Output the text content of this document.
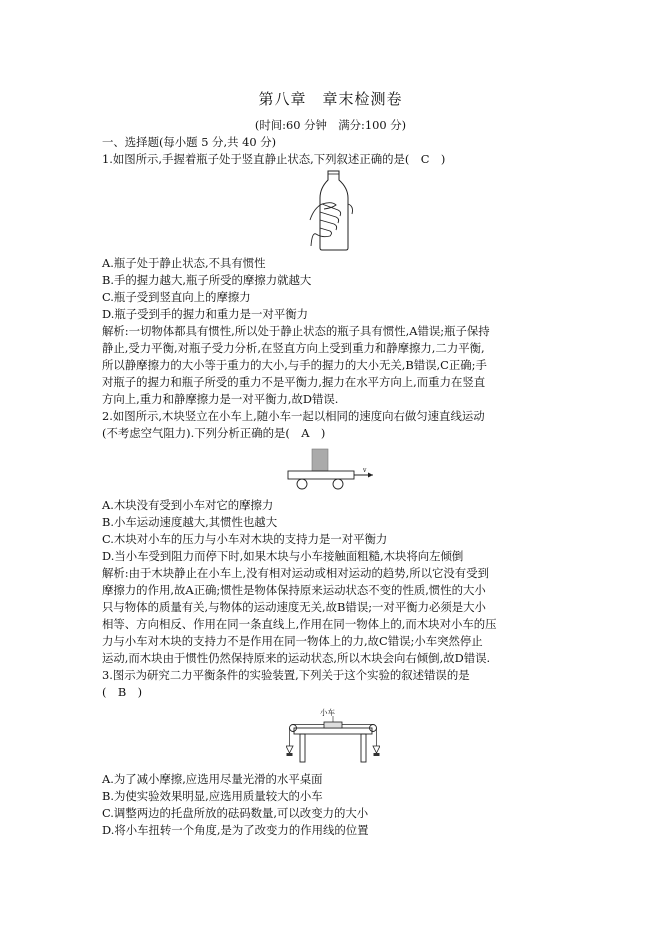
第八章　章末检测卷
(时间:60 分钟　满分:100 分)
一、选择题(每小题 5 分,共 40 分)
1.如图所示,手握着瓶子处于竖直静止状态,下列叙述正确的是(　C　)
A.瓶子处于静止状态,不具有惯性
B.手的握力越大,瓶子所受的摩擦力就越大
C.瓶子受到竖直向上的摩擦力
D.瓶子受到手的握力和重力是一对平衡力
解析:一切物体都具有惯性,所以处于静止状态的瓶子具有惯性,A错误;瓶子保持
静止,受力平衡,对瓶子受力分析,在竖直方向上受到重力和静摩擦力,二力平衡,
所以静摩擦力的大小等于重力的大小,与手的握力的大小无关,B错误,C正确;手
对瓶子的握力和瓶子所受的重力不是平衡力,握力在水平方向上,而重力在竖直
方向上,重力和静摩擦力是一对平衡力,故D错误.
2.如图所示,木块竖立在小车上,随小车一起以相同的速度向右做匀速直线运动
(不考虑空气阻力).下列分析正确的是(　A　)
v
A.木块没有受到小车对它的摩擦力
B.小车运动速度越大,其惯性也越大
C.木块对小车的压力与小车对木块的支持力是一对平衡力
D.当小车受到阻力而停下时,如果木块与小车接触面粗糙,木块将向左倾倒
解析:由于木块静止在小车上,没有相对运动或相对运动的趋势,所以它没有受到
摩擦力的作用,故A正确;惯性是物体保持原来运动状态不变的性质,惯性的大小
只与物体的质量有关,与物体的运动速度无关,故B错误;一对平衡力必须是大小
相等、方向相反、作用在同一条直线上,作用在同一物体上的,而木块对小车的压
力与小车对木块的支持力不是作用在同一物体上的力,故C错误;小车突然停止
运动,而木块由于惯性仍然保持原来的运动状态,所以木块会向右倾倒,故D错误.
3.图示为研究二力平衡条件的实验装置,下列关于这个实验的叙述错误的是
(　B　)
小车
A.为了减小摩擦,应选用尽量光滑的水平桌面
B.为使实验效果明显,应选用质量较大的小车
C.调整两边的托盘所放的砝码数量,可以改变力的大小
D.将小车扭转一个角度,是为了改变力的作用线的位置
